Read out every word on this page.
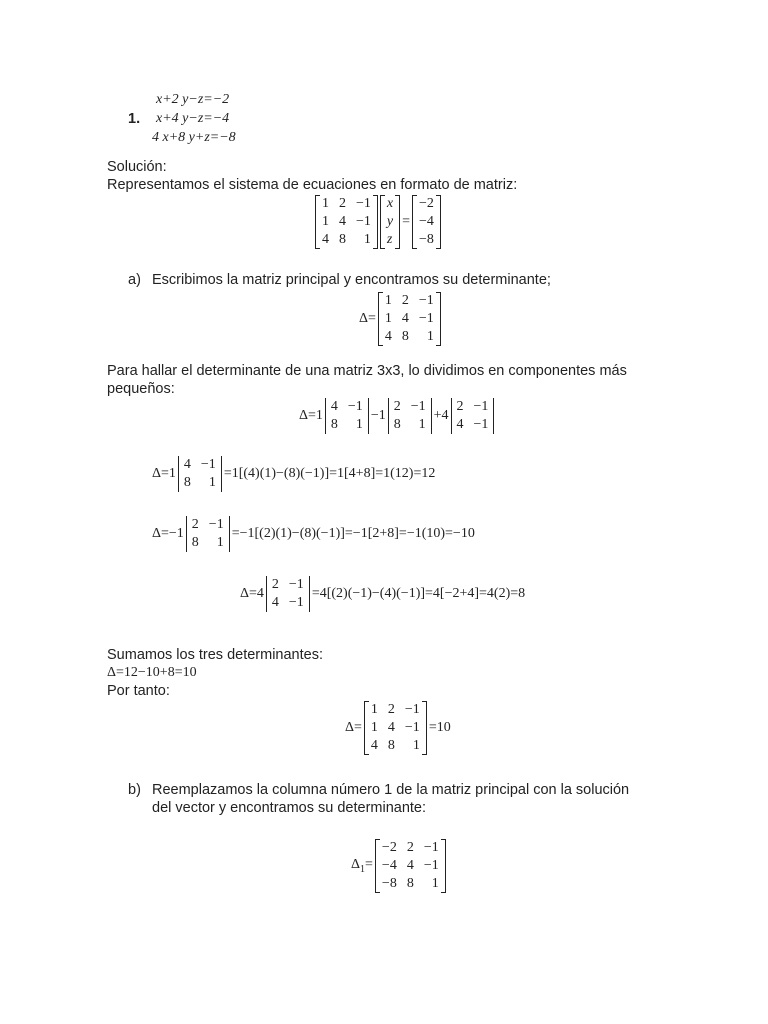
1.
x+2 y−z=−2
x+4 y−z=−4
4 x+8 y+z=−8
Solución:
Representamos el sistema de ecuaciones en formato de matriz:
1 2 −1
1 4 −1
4 8	1
x
y
z
=
−2
−4
−8
a) Escribimos la matriz principal y encontramos su determinante;
Δ=
1 2 −1
1 4 −1
4 8	1
Para hallar el determinante de una matriz 3x3, lo dividimos en componentes más
pequeños:
Δ=1
4 −1
8	1
−1
2 −1
8	1
+4
2 −1
4 −1
Δ=1
4 −1
8	1
=1[(4)(1)−(8)(−1)]=1[4+8]=1(12)=12
Δ=−1
2 −1
8	1
=−1[(2)(1)−(8)(−1)]=−1[2+8]=−1(10)=−10
Δ=4
2 −1
4 −1
=4[(2)(−1)−(4)(−1)]=4[−2+4]=4(2)=8
Sumamos los tres determinantes:
Δ=12−10+8=10
Por tanto:
Δ=
1 2 −1
1 4 −1
4 8	1
=10
b) Reemplazamos la columna número 1 de la matriz principal con la solución
del vector y encontramos su determinante:
$\Delta_1=$
−2 2 −1
−4 4 −1
−8 8	1
